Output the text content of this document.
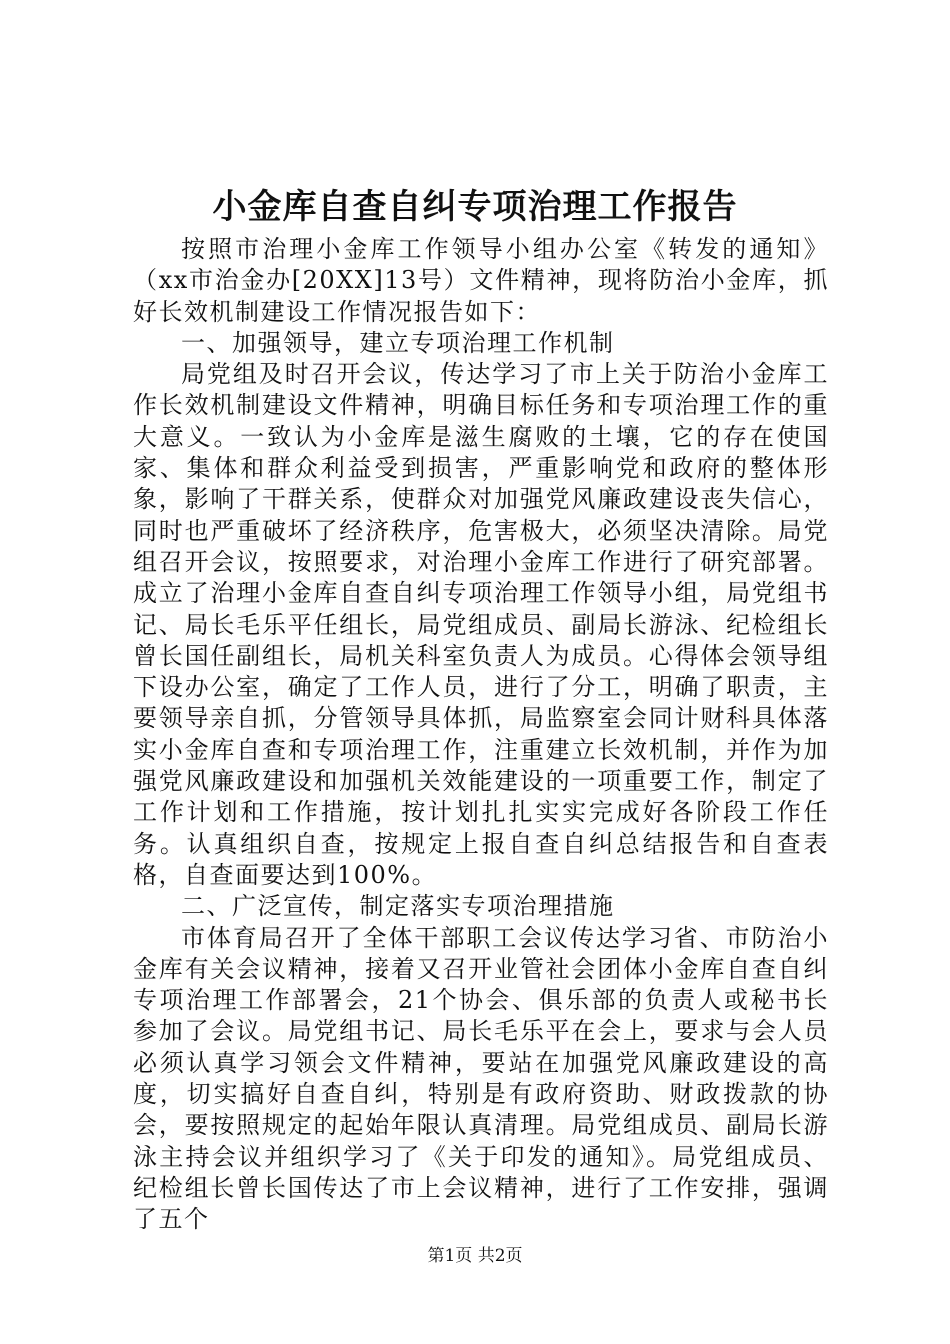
小金库自查自纠专项治理工作报告

按照市治理小金库工作领导小组办公室《转发的通知》（xx市治金办[20XX]13号）文件精神，现将防治小金库，抓好长效机制建设工作情况报告如下：

一、加强领导，建立专项治理工作机制

局党组及时召开会议，传达学习了市上关于防治小金库工作长效机制建设文件精神，明确目标任务和专项治理工作的重大意义。一致认为小金库是滋生腐败的土壤，它的存在使国家、集体和群众利益受到损害，严重影响党和政府的整体形象，影响了干群关系，使群众对加强党风廉政建设丧失信心，同时也严重破坏了经济秩序，危害极大，必须坚决清除。局党组召开会议，按照要求，对治理小金库工作进行了研究部署。成立了治理小金库自查自纠专项治理工作领导小组，局党组书记、局长毛乐平任组长，局党组成员、副局长游泳、纪检组长曾长国任副组长，局机关科室负责人为成员。心得体会领导组下设办公室，确定了工作人员，进行了分工，明确了职责，主要领导亲自抓，分管领导具体抓，局监察室会同计财科具体落实小金库自查和专项治理工作，注重建立长效机制，并作为加强党风廉政建设和加强机关效能建设的一项重要工作，制定了工作计划和工作措施，按计划扎扎实实完成好各阶段工作任务。认真组织自查，按规定上报自查自纠总结报告和自查表格，自查面要达到100%。

二、广泛宣传，制定落实专项治理措施

市体育局召开了全体干部职工会议传达学习省、市防治小金库有关会议精神，接着又召开业管社会团体小金库自查自纠专项治理工作部署会，21个协会、俱乐部的负责人或秘书长参加了会议。局党组书记、局长毛乐平在会上，要求与会人员必须认真学习领会文件精神，要站在加强党风廉政建设的高度，切实搞好自查自纠，特别是有政府资助、财政拨款的协会，要按照规定的起始年限认真清理。局党组成员、副局长游泳主持会议并组织学习了《关于印发的通知》。局党组成员、纪检组长曾长国传达了市上会议精神，进行了工作安排，强调了五个

第1页 共2页
